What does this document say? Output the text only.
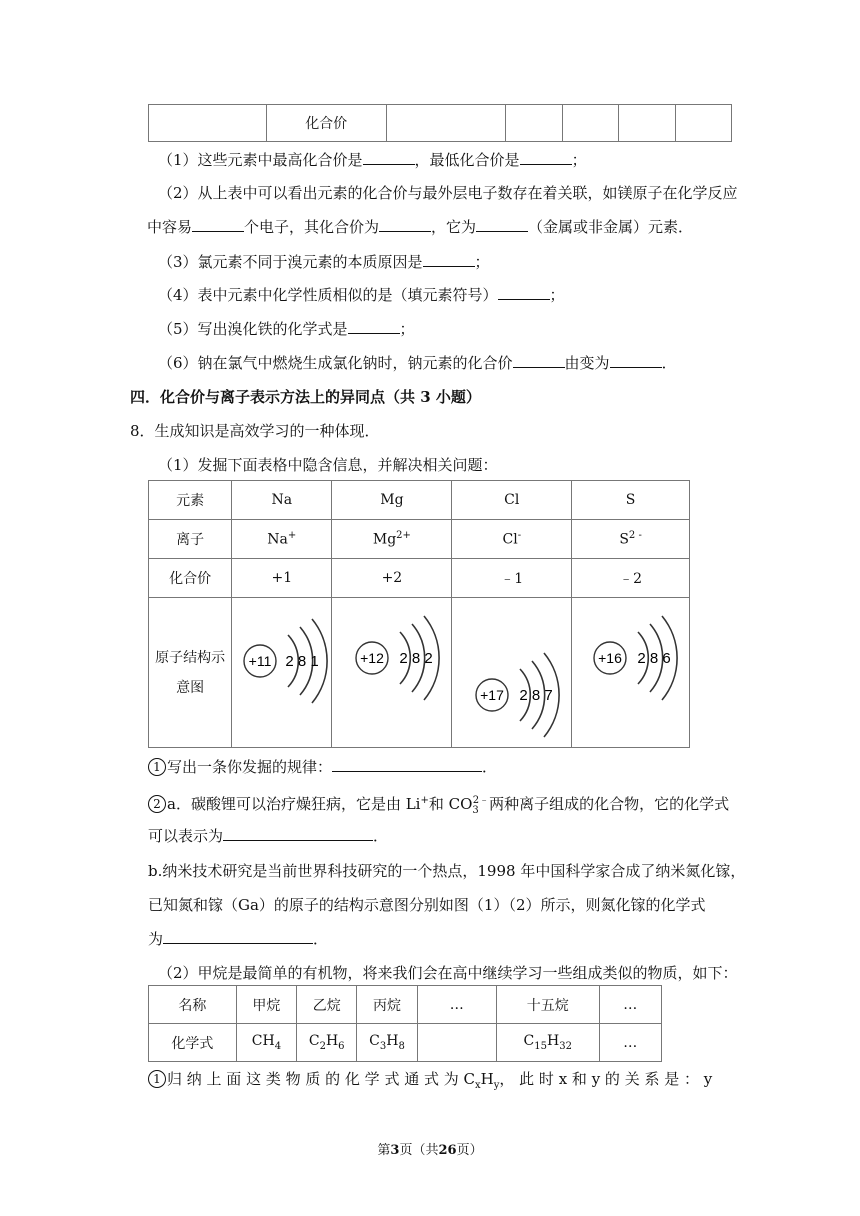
	化合价					
（1）这些元素中最高化合价是	，最低化合价是	；
（2）从上表中可以看出元素的化合价与最外层电子数存在着关联，如镁原子在化学反应
中容易	个电子，其化合价为	，它为	（金属或非金属）元素．
（3）氯元素不同于溴元素的本质原因是	；
（4）表中元素中化学性质相似的是（填元素符号）	；
（5）写出溴化铁的化学式是	；
（6）钠在氯气中燃烧生成氯化钠时，钠元素的化合价	由变为	．
四．化合价与离子表示方法上的异同点（共 3 小题）
8．生成知识是高效学习的一种体现．
（1）发掘下面表格中隐含信息，并解决相关问题：
元素	Na	Mg	Cl	S
离子	Na+	$Mg^{2+}$	Cl-	$S^{2 -}$
化合价	+1	+2	﹣1	﹣2
原子结构示意图	+11 2 8 1	+12 2 8 2	+17 2 8 7	+16 2 8 6
1 写出一条你发掘的规律：	．
2 a．碳酸锂可以治疗燥狂病，它是由 Li+和 $CO_3^{2﹣}$两种离子组成的化合物，它的化学式
可以表示为	．
b.纳米技术研究是当前世界科技研究的一个热点，1998 年中国科学家合成了纳米氮化镓，
已知氮和镓（Ga）的原子的结构示意图分别如图（1）（2）所示，则氮化镓的化学式
为	．
（2）甲烷是最简单的有机物，将来我们会在高中继续学习一些组成类似的物质，如下：
名称	甲烷	乙烷	丙烷	…	十五烷	…
化学式	$CH_4$	$C_2H_6$	$C_3H_8$		$C_{15}H_{32}$	…
1 归 纳 上 面 这 类 物 质 的 化 学 式 通 式 为 $C_xH_y$， 此 时 x 和 y 的 关 系 是 ： y
第3页（共26页）
